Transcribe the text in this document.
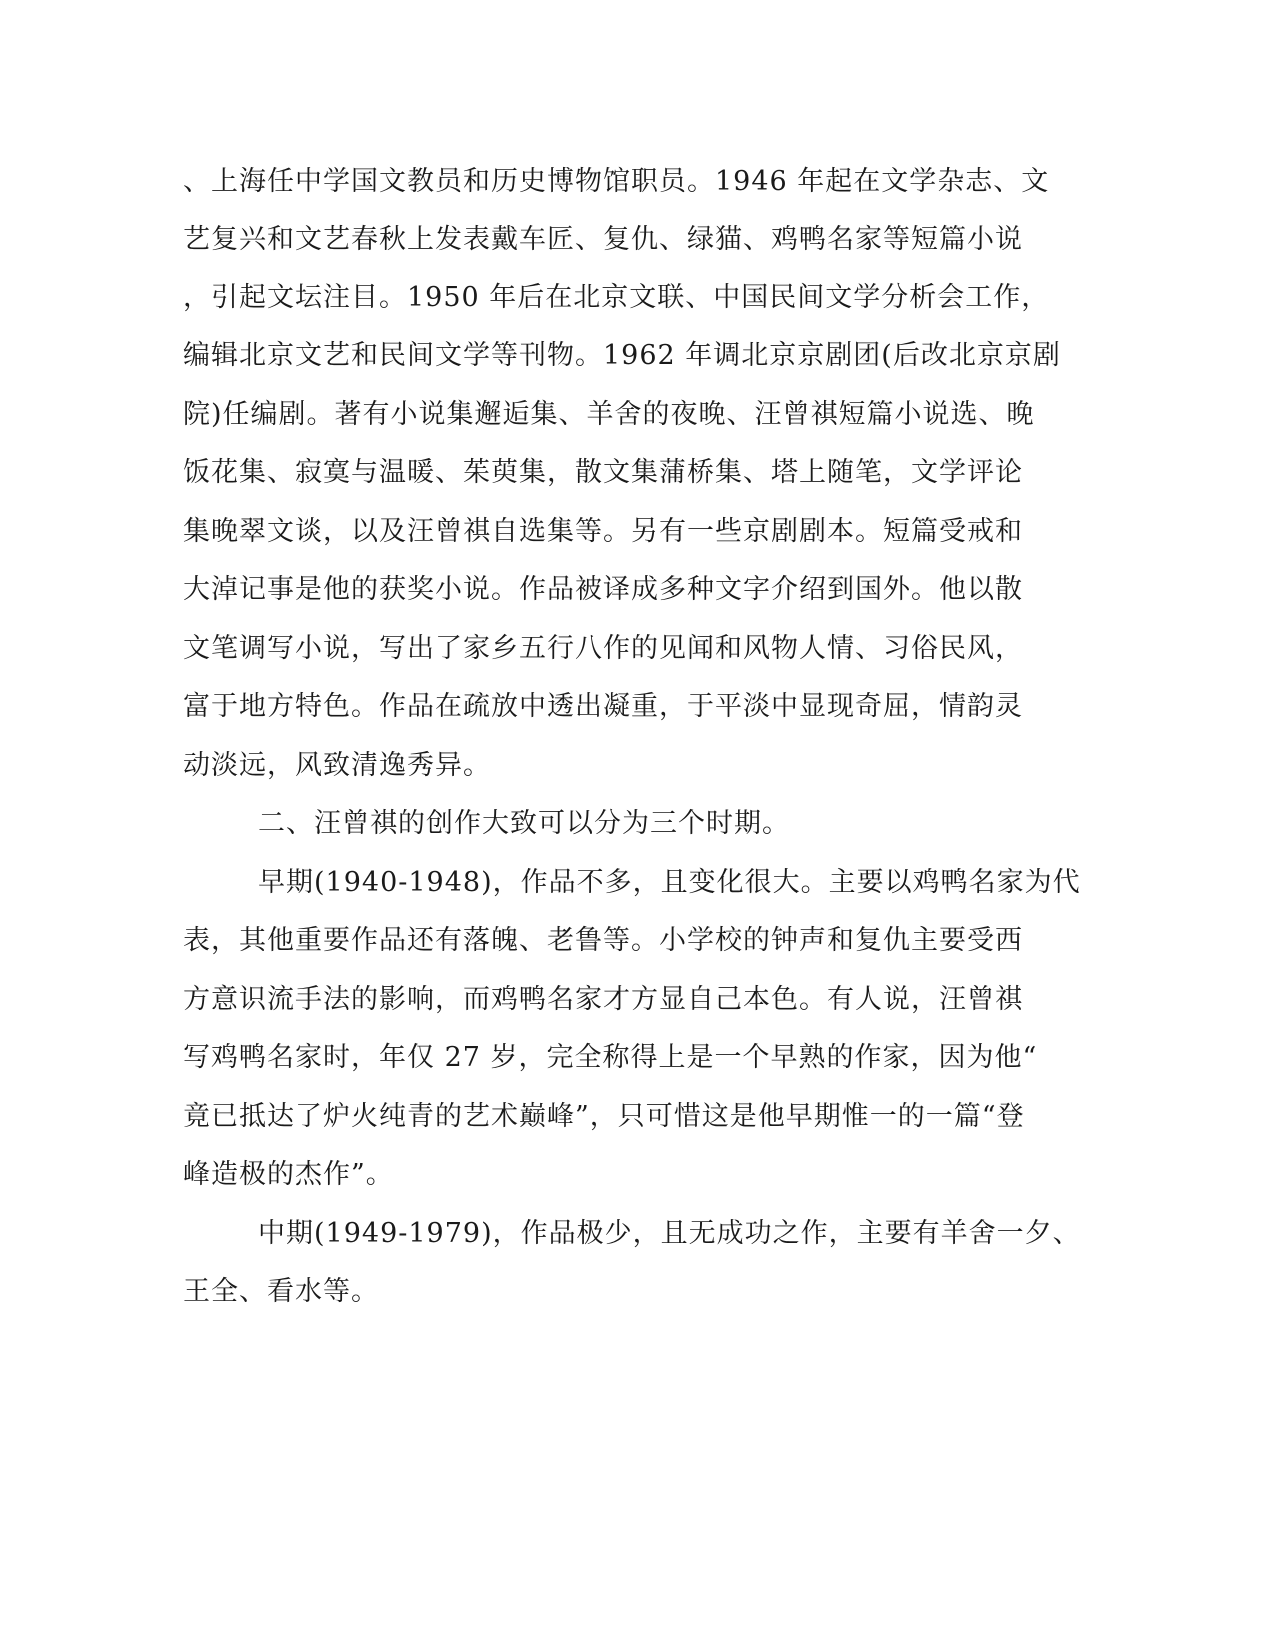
、上海任中学国文教员和历史博物馆职员。1946 年起在文学杂志、文
艺复兴和文艺春秋上发表戴车匠、复仇、绿猫、鸡鸭名家等短篇小说
，引起文坛注目。1950 年后在北京文联、中国民间文学分析会工作，
编辑北京文艺和民间文学等刊物。1962 年调北京京剧团(后改北京京剧
院)任编剧。著有小说集邂逅集、羊舍的夜晚、汪曾祺短篇小说选、晚
饭花集、寂寞与温暖、茱萸集，散文集蒲桥集、塔上随笔，文学评论
集晚翠文谈，以及汪曾祺自选集等。另有一些京剧剧本。短篇受戒和
大淖记事是他的获奖小说。作品被译成多种文字介绍到国外。他以散
文笔调写小说，写出了家乡五行八作的见闻和风物人情、习俗民风，
富于地方特色。作品在疏放中透出凝重，于平淡中显现奇屈，情韵灵
动淡远，风致清逸秀异。
二、汪曾祺的创作大致可以分为三个时期。
早期(1940-1948)，作品不多，且变化很大。主要以鸡鸭名家为代
表，其他重要作品还有落魄、老鲁等。小学校的钟声和复仇主要受西
方意识流手法的影响，而鸡鸭名家才方显自己本色。有人说，汪曾祺
写鸡鸭名家时，年仅 27 岁，完全称得上是一个早熟的作家，因为他“
竟已抵达了炉火纯青的艺术巅峰”，只可惜这是他早期惟一的一篇“登
峰造极的杰作”。
中期(1949-1979)，作品极少，且无成功之作，主要有羊舍一夕、
王全、看水等。
